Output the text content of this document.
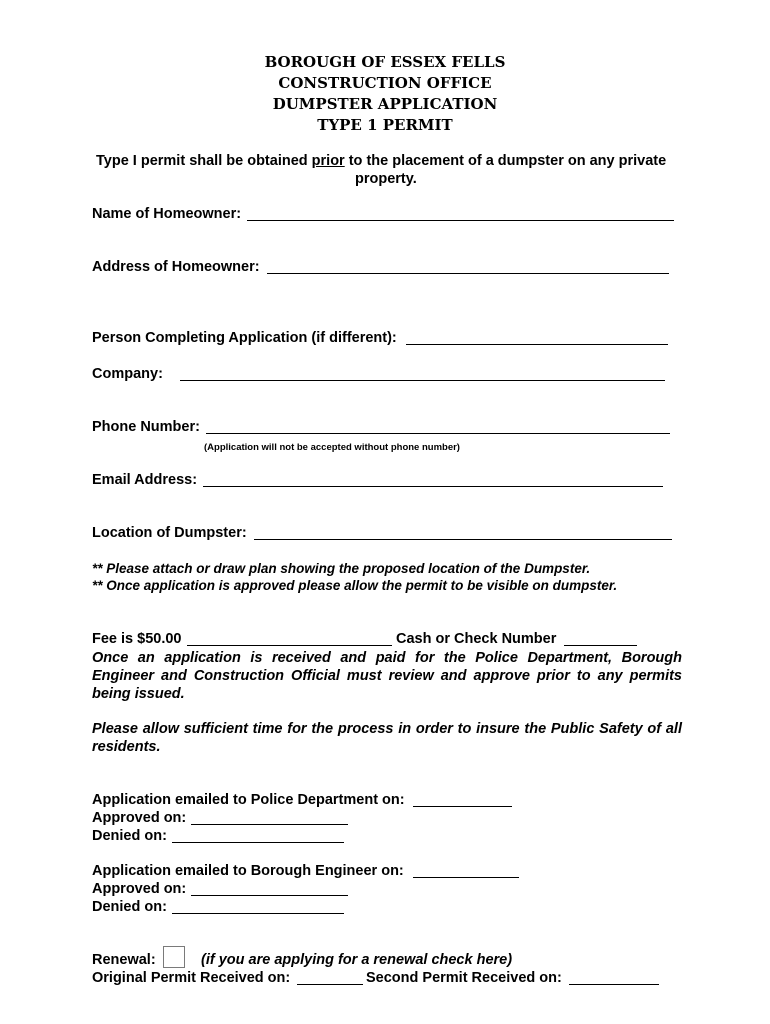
BOROUGH OF ESSEX FELLS
CONSTRUCTION OFFICE
DUMPSTER APPLICATION
TYPE 1 PERMIT
Type I permit shall be obtained prior to the placement of a dumpster on any private
property.
Name of Homeowner:
Address of Homeowner:
Person Completing Application (if different):
Company:
Phone Number:
(Application will not be accepted without phone number)
Email Address:
Location of Dumpster:
** Please attach or draw plan showing the proposed location of the Dumpster.
** Once application is approved please allow the permit to be visible on dumpster.
Fee is $50.00	Cash or Check Number
Once an application is received and paid for the Police Department, Borough Engineer and Construction Official must review and approve prior to any permits being issued.
Please allow sufficient time for the process in order to insure the Public Safety of all residents.
Application emailed to Police Department on:
Approved on:
Denied on:
Application emailed to Borough Engineer on:
Approved on:
Denied on:
Renewal:	(if you are applying for a renewal check here)
Original Permit Received on:	Second Permit Received on:
